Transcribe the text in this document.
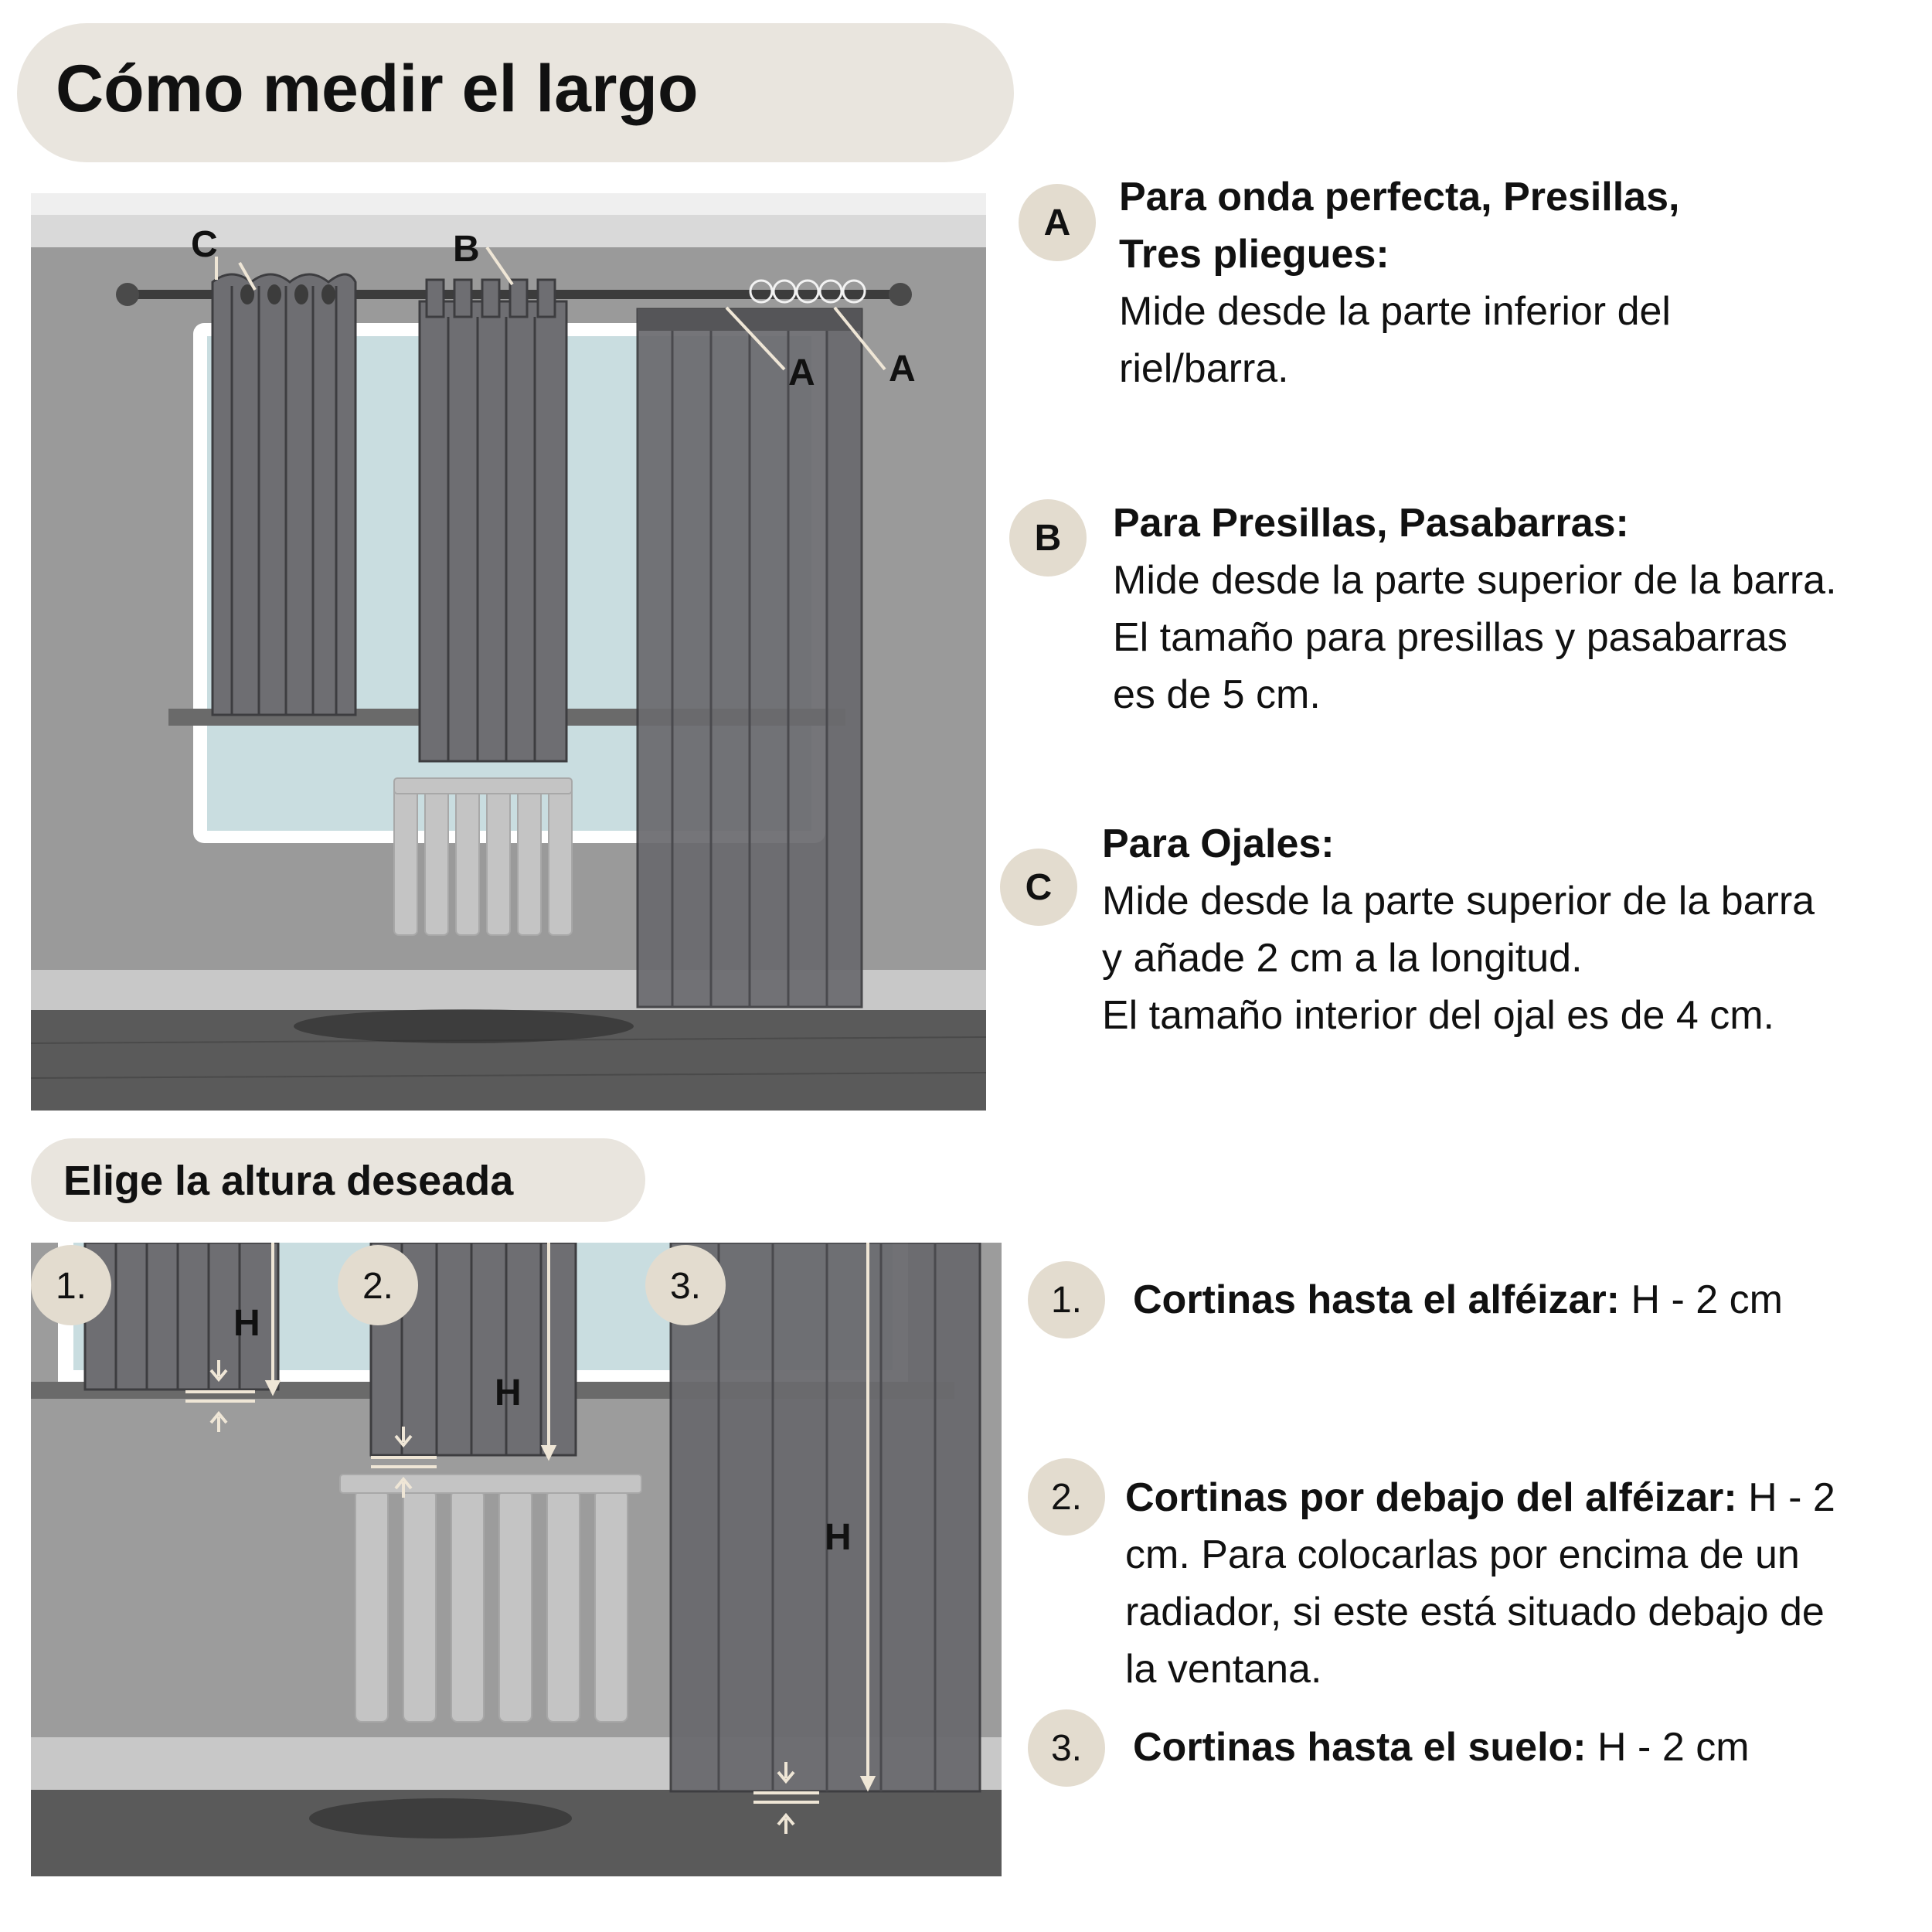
Cómo medir el largo
C	B
A A
A
Para onda perfecta, Presillas,
Tres pliegues:
Mide desde la parte inferior del
riel/barra.
B	Para Presillas, Pasabarras:
Mide desde la parte superior de la barra.
El tamaño para presillas y pasabarras
es de 5 cm.
C
Para Ojales:
Mide desde la parte superior de la barra
y añade 2 cm a la longitud.
El tamaño interior del ojal es de 4 cm.
Elige la altura deseada
1.	2.	3.
H
H
H
1.	Cortinas hasta el alféizar: H - 2 cm
2.	Cortinas por debajo del alféizar: H - 2
cm. Para colocarlas por encima de un
radiador, si este está situado debajo de
la ventana.
3.	Cortinas hasta el suelo: H - 2 cm
